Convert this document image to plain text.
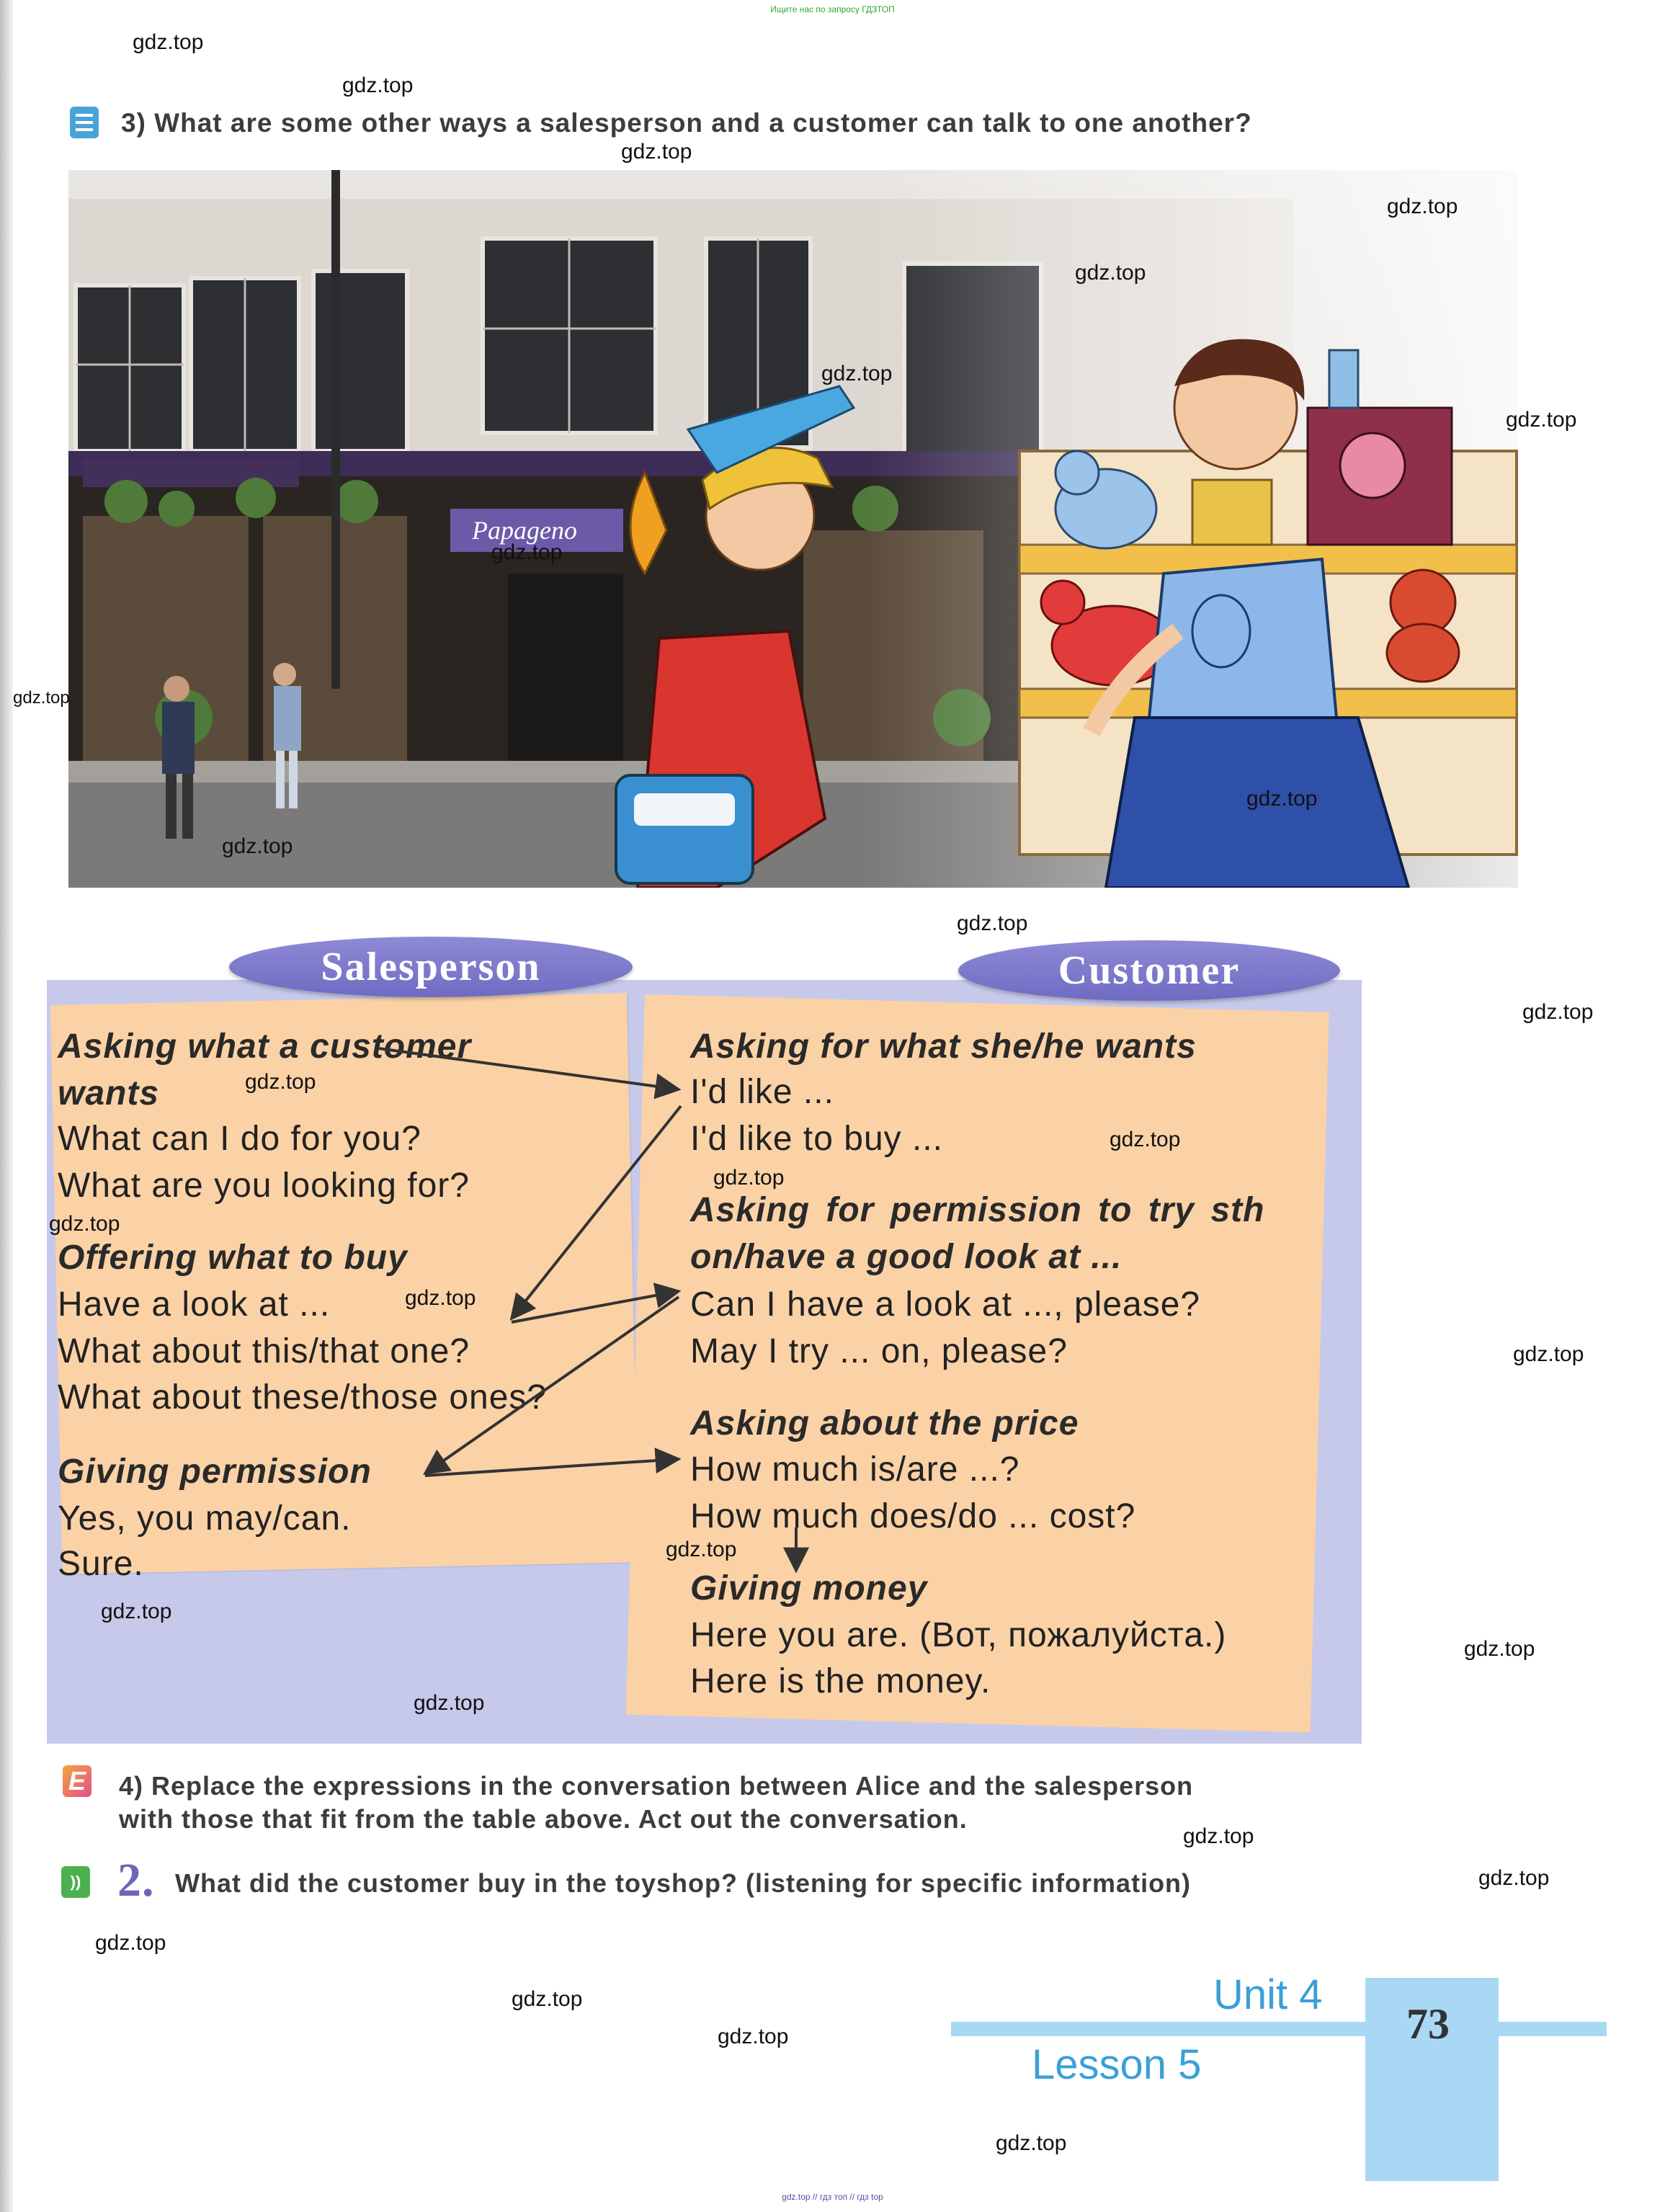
Ищите нас по запросу ГДЗТОП
3) What are some other ways a salesperson and a customer can talk to one another?
Salesperson	Customer
Asking what a customer
wants
What can I do for you?
What are you looking for?
Offering what to buy
Have a look at ...
What about this/that one?
What about these/those ones?
Giving permission
Yes, you may/can.
Sure.
Asking for what she/he wants
I'd like ...
I'd like to buy ...
Asking for permission to try sth
on/have a good look at ...
Can I have a look at ..., please?
May I try ... on, please?
Asking about the price
How much is/are ...?
How much does/do ... cost?
Giving money
Here you are. (Вот, пожалуйста.)
Here is the money.
E 4) Replace the expressions in the conversation between Alice and the salesperson
with those that fit from the table above. Act out the conversation.
)) 2. What did the customer buy in the toyshop? (listening for specific information)
Unit 4
Lesson 5
73
gdz.top
gdz.top
gdz.top
gdz.top
gdz.top
gdz.top
gdz.top
gdz.top
gdz.top
gdz.top
gdz.top
gdz.top
gdz.top
gdz.top
gdz.top
gdz.top
gdz.top
gdz.top
gdz.top
gdz.top
gdz.top
gdz.top
gdz.top
gdz.top
gdz.top
gdz.top
gdz.top
gdz.top
gdz.top
gdz.top // гдз топ // гдз top
